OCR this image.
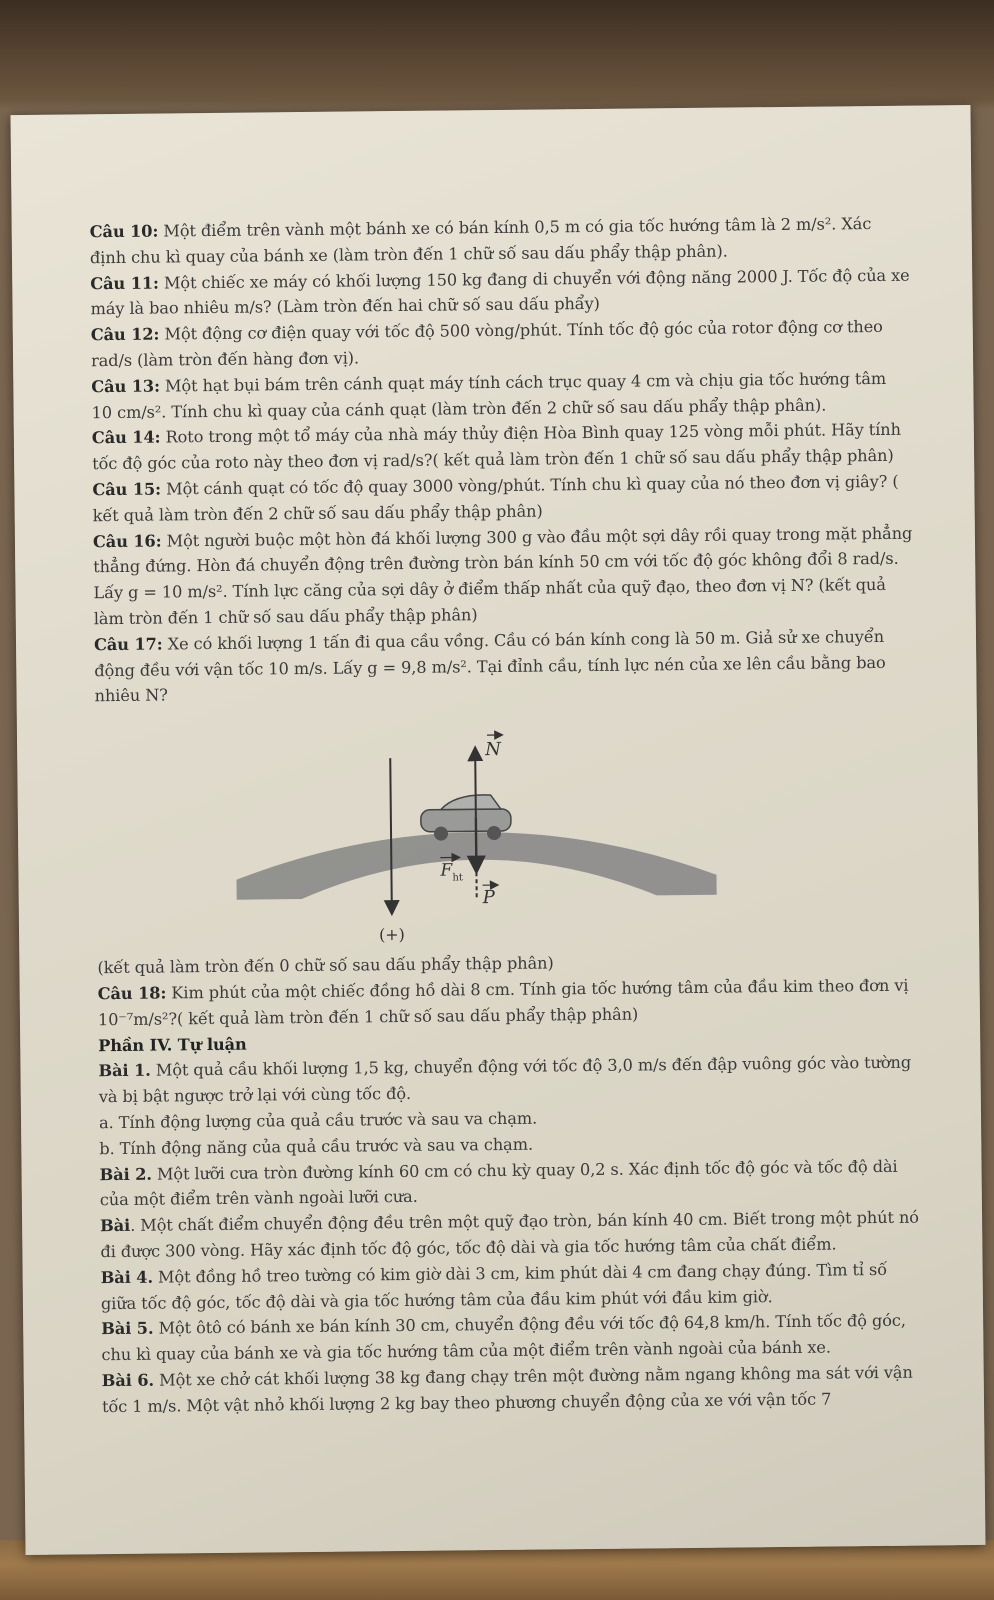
Câu 10: Một điểm trên vành một bánh xe có bán kính 0,5 m có gia tốc hướng tâm là 2 m/s². Xác định chu kì quay của bánh xe (làm tròn đến 1 chữ số sau dấu phẩy thập phân).

Câu 11: Một chiếc xe máy có khối lượng 150 kg đang di chuyển với động năng 2000 J. Tốc độ của xe máy là bao nhiêu m/s? (Làm tròn đến hai chữ số sau dấu phẩy)

Câu 12: Một động cơ điện quay với tốc độ 500 vòng/phút. Tính tốc độ góc của rotor động cơ theo rad/s (làm tròn đến hàng đơn vị).

Câu 13: Một hạt bụi bám trên cánh quạt máy tính cách trục quay 4 cm và chịu gia tốc hướng tâm 10 cm/s². Tính chu kì quay của cánh quạt (làm tròn đến 2 chữ số sau dấu phẩy thập phân).

Câu 14: Roto trong một tổ máy của nhà máy thủy điện Hòa Bình quay 125 vòng mỗi phút. Hãy tính tốc độ góc của roto này theo đơn vị rad/s?( kết quả làm tròn đến 1 chữ số sau dấu phẩy thập phân)

Câu 15: Một cánh quạt có tốc độ quay 3000 vòng/phút. Tính chu kì quay của nó theo đơn vị giây? ( kết quả làm tròn đến 2 chữ số sau dấu phẩy thập phân)

Câu 16: Một người buộc một hòn đá khối lượng 300 g vào đầu một sợi dây rồi quay trong mặt phẳng thẳng đứng. Hòn đá chuyển động trên đường tròn bán kính 50 cm với tốc độ góc không đổi 8 rad/s. Lấy g = 10 m/s². Tính lực căng của sợi dây ở điểm thấp nhất của quỹ đạo, theo đơn vị N? (kết quả làm tròn đến 1 chữ số sau dấu phẩy thập phân)

Câu 17: Xe có khối lượng 1 tấn đi qua cầu vồng. Cầu có bán kính cong là 50 m. Giả sử xe chuyển động đều với vận tốc 10 m/s. Lấy g = 9,8 m/s². Tại đỉnh cầu, tính lực nén của xe lên cầu bằng bao nhiêu N?

(+)
N
F ht
P

(kết quả làm tròn đến 0 chữ số sau dấu phẩy thập phân)

Câu 18: Kim phút của một chiếc đồng hồ dài 8 cm. Tính gia tốc hướng tâm của đầu kim theo đơn vị 10⁻⁷m/s²?( kết quả làm tròn đến 1 chữ số sau dấu phẩy thập phân)

Phần IV. Tự luận

Bài 1. Một quả cầu khối lượng 1,5 kg, chuyển động với tốc độ 3,0 m/s đến đập vuông góc vào tường và bị bật ngược trở lại với cùng tốc độ.

a. Tính động lượng của quả cầu trước và sau va chạm.

b. Tính động năng của quả cầu trước và sau va chạm.

Bài 2. Một lưỡi cưa tròn đường kính 60 cm có chu kỳ quay 0,2 s. Xác định tốc độ góc và tốc độ dài của một điểm trên vành ngoài lưỡi cưa.

Bài. Một chất điểm chuyển động đều trên một quỹ đạo tròn, bán kính 40 cm. Biết trong một phút nó đi được 300 vòng. Hãy xác định tốc độ góc, tốc độ dài và gia tốc hướng tâm của chất điểm.

Bài 4. Một đồng hồ treo tường có kim giờ dài 3 cm, kim phút dài 4 cm đang chạy đúng. Tìm tỉ số giữa tốc độ góc, tốc độ dài và gia tốc hướng tâm của đầu kim phút với đầu kim giờ.

Bài 5. Một ôtô có bánh xe bán kính 30 cm, chuyển động đều với tốc độ 64,8 km/h. Tính tốc độ góc, chu kì quay của bánh xe và gia tốc hướng tâm của một điểm trên vành ngoài của bánh xe.

Bài 6. Một xe chở cát khối lượng 38 kg đang chạy trên một đường nằm ngang không ma sát với vận tốc 1 m/s. Một vật nhỏ khối lượng 2 kg bay theo phương chuyển động của xe với vận tốc 7
